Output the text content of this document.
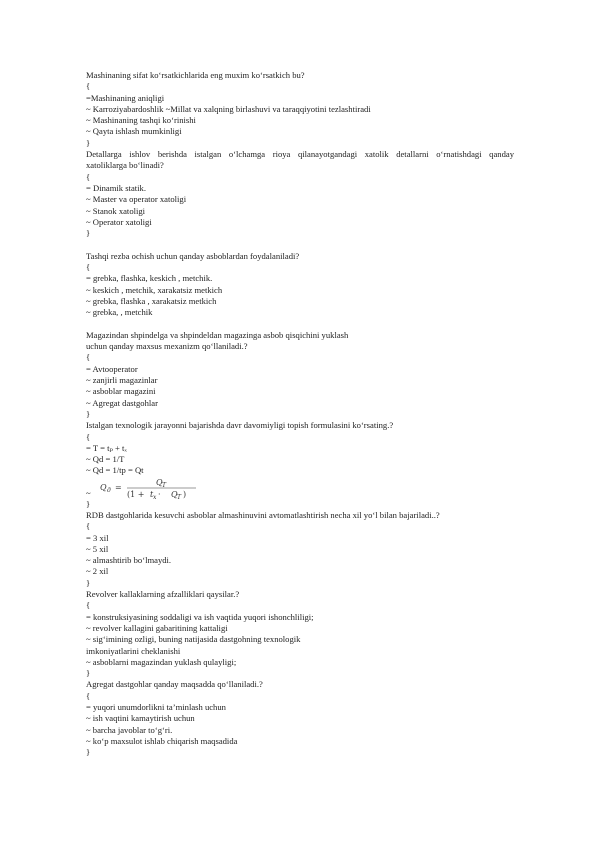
Mashinaning sifat ko‘rsatkichlarida eng muxim ko‘rsatkich bu?
{
=Mashinaning aniqligi
~ Karroziyabardoshlik ~Millat va xalqning birlashuvi va taraqqiyotini tezlashtiradi
~ Mashinaning tashqi ko‘rinishi
~ Qayta ishlash mumkinligi
}
Detallarga ishlov berishda istalgan o‘lchamga rioya qilanayotgandagi xatolik detallarni o‘rnatishdagi qanday
xatoliklarga bo‘linadi?
{
= Dinamik statik.
~ Master va operator xatoligi
~ Stanok xatoligi
~ Operator xatoligi
}
Tashqi rezba ochish uchun qanday asboblardan foydalaniladi?
{
= grebka, flashka, keskich , metchik.
~ keskich , metchik, xarakatsiz metkich
~ grebka, flashka , xarakatsiz metkich
~ grebka, , metchik
Magazindan shpindelga va shpindeldan magazinga asbob qisqichini yuklash
uchun qanday maxsus mexanizm qo‘llaniladi.?
{
= Avtooperator
~ zanjirli magazinlar
~ asboblar magazini
~ Agregat dastgohlar
}
Istalgan texnologik jarayonni bajarishda davr davomiyligi topish formulasini ko‘rsating.?
{
= T = tₚ + tₓ
~ Qd = 1/T
~ Qd = 1/tp = Qt
~
Q д =
Q T
(1 + t x · Q T )
}
RDB dastgohlarida kesuvchi asboblar almashinuvini avtomatlashtirish necha xil yo‘l bilan bajariladi..?
{
= 3 xil
~ 5 xil
~ almashtirib bo‘lmaydi.
~ 2 xil
}
Revolver kallaklarning afzalliklari qaysilar.?
{
= konstruksiyasining soddaligi va ish vaqtida yuqori ishonchliligi;
~ revolver kallagini gabaritining kattaligi
~ sig‘imining ozligi, buning natijasida dastgohning texnologik
imkoniyatlarini cheklanishi
~ asboblarni magazindan yuklash qulayligi;
}
Agregat dastgohlar qanday maqsadda qo‘llaniladi.?
{
= yuqori unumdorlikni ta’minlash uchun
~ ish vaqtini kamaytirish uchun
~ barcha javoblar to‘g‘ri.
~ ko‘p maxsulot ishlab chiqarish maqsadida
}
